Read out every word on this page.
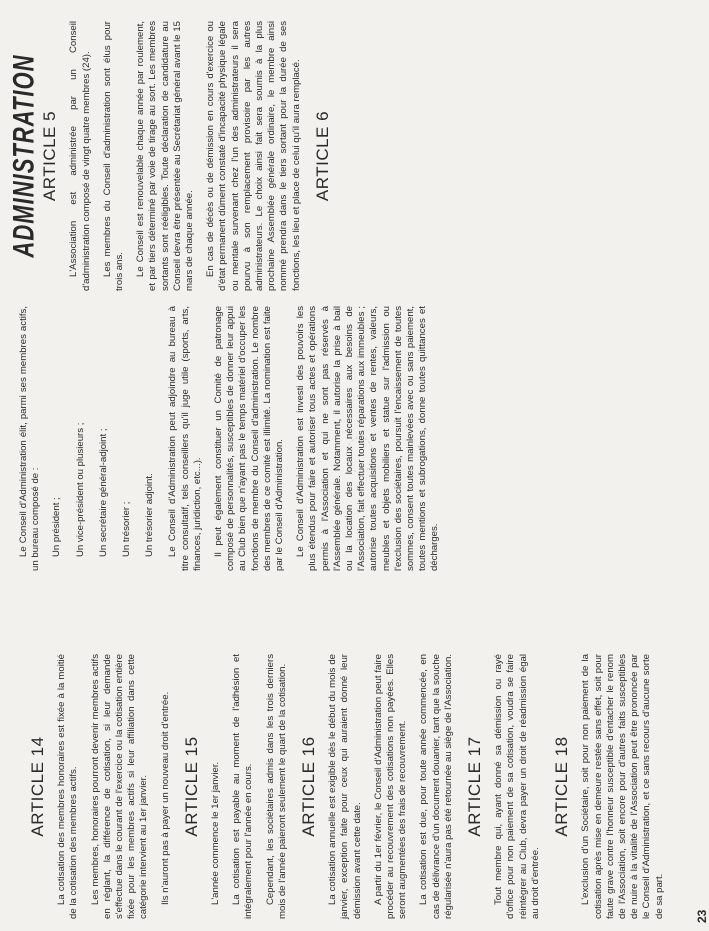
ARTICLE 14 La cotisation des membres honoraires est fixée à la moitié de la cotisation des membres actifs. Les membres, honoraires pourront devenir membres actifs en réglant, la différence de cotisation, si leur demande s'effectue dans le courant de l'exercice ou la cotisation entière fixée pour les membres actifs si leur affiliation dans cette catégorie intervient au 1er janvier. Ils n'auront pas à payer un nouveau droit d'entrée. ARTICLE 15 L'année commence le 1er janvier. La cotisation est payable au moment de l'adhésion et intégralement pour l'année en cours. Cependant, les sociétaires admis dans les trois derniers mois de l'année paieront seulement le quart de la cotisation. ARTICLE 16 La cotisation annuelle est exigible dès le début du mois de janvier, exception faite pour ceux qui auraient donné leur démission avant cette date. A partir du 1er février, le Conseil d'Administration peut faire procéder au recouvrement des cotisations non payées. Elles seront augmentées des frais de recouvrement. La cotisation est due, pour toute année commencée, en cas de délivrance d'un document douanier, tant que la souche régularisée n'aura pas été retournée au siège de l'Association. ARTICLE 17 Tout membre qui, ayant donné sa démission ou rayé d'office pour non paiement de sa cotisation, voudra se faire réintégrer au Club, devra payer un droit de réadmission égal au droit d'entrée.

ARTICLE 18 L'exclusion d'un Sociétaire, soit pour non paiement de la cotisation après mise en demeure restée sans effet, soit pour faute grave contre l'honneur susceptible d'entacher le renom de l'Association, soit encore pour d'autres faits susceptibles de nuire à la vitalité de l'Association peut être prononcée par le Conseil d'Administration, et ce sans recours d'aucune sorte de sa part.

Le Conseil d'Administration élit, parmi ses membres actifs, un bureau composé de : Un président ; Un vice-président ou plusieurs ; Un secrétaire général-adjoint ; Un trésorier ; Un trésorier adjoint. Le Conseil d'Administration peut adjoindre au bureau à titre consultatif, tels conseillers qu'il juge utile (sports, arts, finances, juridiction, etc...). Il peut également constituer un Comité de patronage composé de personnalités, susceptibles de donner leur appui au Club bien que n'ayant pas le temps matériel d'occuper les fonctions de membre du Conseil d'administration. Le nombre des membres de ce comité est illimité. La nomination est faite par le Conseil d'Administration. Le Conseil d'Administration est investi des pouvoirs les plus étendus pour faire et autoriser tous actes et opérations permis à l'Association et qui ne sont pas réservés à l'Assemblée générale. Notamment, il autorise la prise à bail ou la location des locaux nécessaires aux besoins de l'Association, fait effectuer toutes réparations aux immeubles ; autorise toutes acquisitions et ventes de rentes, valeurs, meubles et objets mobiliers et statue sur l'admission ou l'exclusion des sociétaires, poursuit l'encaissement de toutes sommes, consent toutes mainlevées avec ou sans paiement, toutes mentions et subrogations, donne toutes quittances et décharges.

ADMINISTRATION ARTICLE 5 L'Association est administrée par un Conseil d'administration composé de vingt quatre membres (24). Les membres du Conseil d'administration sont élus pour trois ans. Le Conseil est renouvelable chaque année par roulement, et par tiers déterminé par voie de tirage au sort. Les membres sortants sont rééligibles. Toute déclaration de candidature au Conseil devra être présentée au Secrétariat général avant le 15 mars de chaque année. En cas de décès ou de démission en cours d'exercice ou d'état permanent dûment constaté d'incapacité physique légale ou mentale survenant chez l'un des administrateurs il sera pourvu à son remplacement provisoire par les autres administrateurs. Le choix ainsi fait sera soumis à la plus prochaine Assemblée générale ordinaire, le membre ainsi nommé prendra dans le tiers sortant pour la durée de ses fonctions, les lieu et place de celui qu'il aura remplacé. ARTICLE 6
23
